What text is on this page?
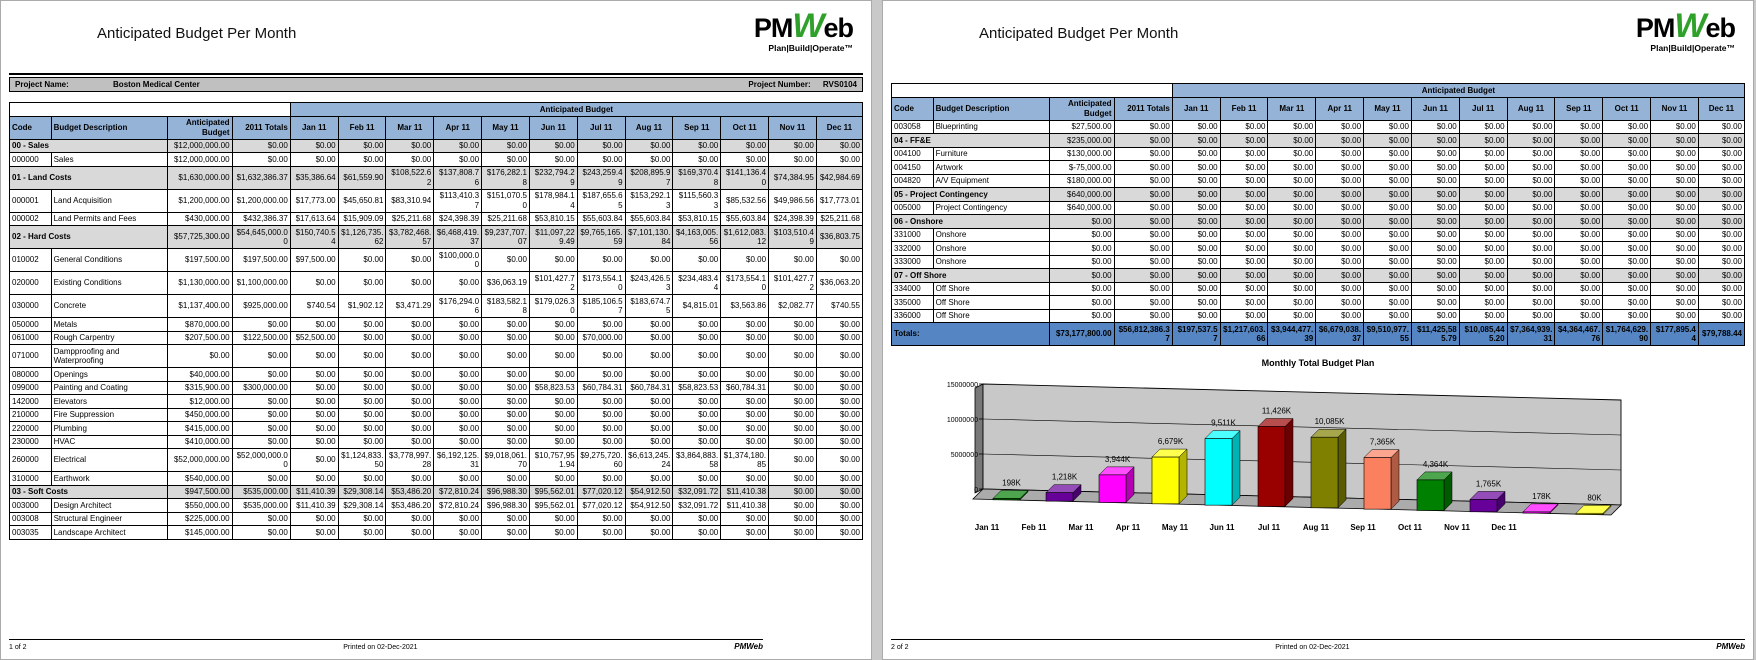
Anticipated Budget Per Month	PMWeb
Plan|Build|Operate™
Project Name:	Boston Medical Center	Project Number: RVS0104
				Anticipated Budget											
Code	Budget Description	Anticipated Budget	2011 Totals	Jan 11	Feb 11	Mar 11	Apr 11	May 11	Jun 11	Jul 11	Aug 11	Sep 11	Oct 11	Nov 11	Dec 11
00 - Sales		$12,000,000.00	$0.00	$0.00	$0.00	$0.00	$0.00	$0.00	$0.00	$0.00	$0.00	$0.00	$0.00	$0.00	$0.00
000000	Sales	$12,000,000.00	$0.00	$0.00	$0.00	$0.00	$0.00	$0.00	$0.00	$0.00	$0.00	$0.00	$0.00	$0.00	$0.00
01 - Land Costs		$1,630,000.00	$1,632,386.37	$35,386.64	$61,559.90	$108,522.62	$137,808.76	$176,282.18	$232,794.29	$243,259.49	$208,895.97	$169,370.48	$141,136.40	$74,384.95	$42,984.69
000001	Land Acquisition	$1,200,000.00	$1,200,000.00	$17,773.00	$45,650.81	$83,310.94	$113,410.37	$151,070.50	$178,984.14	$187,655.65	$153,292.13	$115,560.33	$85,532.56	$49,986.56	$17,773.01
000002	Land Permits and Fees	$430,000.00	$432,386.37	$17,613.64	$15,909.09	$25,211.68	$24,398.39	$25,211.68	$53,810.15	$55,603.84	$55,603.84	$53,810.15	$55,603.84	$24,398.39	$25,211.68
02 - Hard Costs		$57,725,300.00	$54,645,000.00	$150,740.54	$1,126,735.62	$3,782,468.57	$6,468,419.37	$9,237,707.07	$11,097,229.49	$9,765,165.59	$7,101,130.84	$4,163,005.56	$1,612,083.12	$103,510.49	$36,803.75
010002	General Conditions	$197,500.00	$197,500.00	$97,500.00	$0.00	$0.00	$100,000.00	$0.00	$0.00	$0.00	$0.00	$0.00	$0.00	$0.00	$0.00
020000	Existing Conditions	$1,130,000.00	$1,100,000.00	$0.00	$0.00	$0.00	$0.00	$36,063.19	$101,427.72	$173,554.10	$243,426.53	$234,483.44	$173,554.10	$101,427.72	$36,063.20
030000	Concrete	$1,137,400.00	$925,000.00	$740.54	$1,902.12	$3,471.29	$176,294.06	$183,582.18	$179,026.30	$185,106.57	$183,674.75	$4,815.01	$3,563.86	$2,082.77	$740.55
050000	Metals	$870,000.00	$0.00	$0.00	$0.00	$0.00	$0.00	$0.00	$0.00	$0.00	$0.00	$0.00	$0.00	$0.00	$0.00
061000	Rough Carpentry	$207,500.00	$122,500.00	$52,500.00	$0.00	$0.00	$0.00	$0.00	$0.00	$70,000.00	$0.00	$0.00	$0.00	$0.00	$0.00
071000	Dampproofing and Waterproofing	$0.00	$0.00	$0.00	$0.00	$0.00	$0.00	$0.00	$0.00	$0.00	$0.00	$0.00	$0.00	$0.00	$0.00
080000	Openings	$40,000.00	$0.00	$0.00	$0.00	$0.00	$0.00	$0.00	$0.00	$0.00	$0.00	$0.00	$0.00	$0.00	$0.00
099000	Painting and Coating	$315,900.00	$300,000.00	$0.00	$0.00	$0.00	$0.00	$0.00	$58,823.53	$60,784.31	$60,784.31	$58,823.53	$60,784.31	$0.00	$0.00
142000	Elevators	$12,000.00	$0.00	$0.00	$0.00	$0.00	$0.00	$0.00	$0.00	$0.00	$0.00	$0.00	$0.00	$0.00	$0.00
210000	Fire Suppression	$450,000.00	$0.00	$0.00	$0.00	$0.00	$0.00	$0.00	$0.00	$0.00	$0.00	$0.00	$0.00	$0.00	$0.00
220000	Plumbing	$415,000.00	$0.00	$0.00	$0.00	$0.00	$0.00	$0.00	$0.00	$0.00	$0.00	$0.00	$0.00	$0.00	$0.00
230000	HVAC	$410,000.00	$0.00	$0.00	$0.00	$0.00	$0.00	$0.00	$0.00	$0.00	$0.00	$0.00	$0.00	$0.00	$0.00
260000	Electrical	$52,000,000.00	$52,000,000.00	$0.00	$1,124,833.50	$3,778,997.28	$6,192,125.31	$9,018,061.70	$10,757,951.94	$9,275,720.60	$6,613,245.24	$3,864,883.58	$1,374,180.85	$0.00	$0.00
310000	Earthwork	$540,000.00	$0.00	$0.00	$0.00	$0.00	$0.00	$0.00	$0.00	$0.00	$0.00	$0.00	$0.00	$0.00	$0.00
03 - Soft Costs		$947,500.00	$535,000.00	$11,410.39	$29,308.14	$53,486.20	$72,810.24	$96,988.30	$95,562.01	$77,020.12	$54,912.50	$32,091.72	$11,410.38	$0.00	$0.00
003000	Design Architect	$550,000.00	$535,000.00	$11,410.39	$29,308.14	$53,486.20	$72,810.24	$96,988.30	$95,562.01	$77,020.12	$54,912.50	$32,091.72	$11,410.38	$0.00	$0.00
003008	Structural Engineer	$225,000.00	$0.00	$0.00	$0.00	$0.00	$0.00	$0.00	$0.00	$0.00	$0.00	$0.00	$0.00	$0.00	$0.00
003035	Landscape Architect	$145,000.00	$0.00	$0.00	$0.00	$0.00	$0.00	$0.00	$0.00	$0.00	$0.00	$0.00	$0.00	$0.00	$0.00
1 of 2	Printed on 02-Dec-2021	PMWeb
Anticipated Budget Per Month	PMWeb
Plan|Build|Operate™
				Anticipated Budget											
Code	Budget Description	Anticipated Budget	2011 Totals	Jan 11	Feb 11	Mar 11	Apr 11	May 11	Jun 11	Jul 11	Aug 11	Sep 11	Oct 11	Nov 11	Dec 11
003058	Blueprinting	$27,500.00	$0.00	$0.00	$0.00	$0.00	$0.00	$0.00	$0.00	$0.00	$0.00	$0.00	$0.00	$0.00	$0.00
04 - FF&E		$235,000.00	$0.00	$0.00	$0.00	$0.00	$0.00	$0.00	$0.00	$0.00	$0.00	$0.00	$0.00	$0.00	$0.00
004100	Furniture	$130,000.00	$0.00	$0.00	$0.00	$0.00	$0.00	$0.00	$0.00	$0.00	$0.00	$0.00	$0.00	$0.00	$0.00
004150	Artwork	$-75,000.00	$0.00	$0.00	$0.00	$0.00	$0.00	$0.00	$0.00	$0.00	$0.00	$0.00	$0.00	$0.00	$0.00
004820	A/V Equipment	$180,000.00	$0.00	$0.00	$0.00	$0.00	$0.00	$0.00	$0.00	$0.00	$0.00	$0.00	$0.00	$0.00	$0.00
05 - Project Contingency		$640,000.00	$0.00	$0.00	$0.00	$0.00	$0.00	$0.00	$0.00	$0.00	$0.00	$0.00	$0.00	$0.00	$0.00
005000	Project Contingency	$640,000.00	$0.00	$0.00	$0.00	$0.00	$0.00	$0.00	$0.00	$0.00	$0.00	$0.00	$0.00	$0.00	$0.00
06 - Onshore		$0.00	$0.00	$0.00	$0.00	$0.00	$0.00	$0.00	$0.00	$0.00	$0.00	$0.00	$0.00	$0.00	$0.00
331000	Onshore	$0.00	$0.00	$0.00	$0.00	$0.00	$0.00	$0.00	$0.00	$0.00	$0.00	$0.00	$0.00	$0.00	$0.00
332000	Onshore	$0.00	$0.00	$0.00	$0.00	$0.00	$0.00	$0.00	$0.00	$0.00	$0.00	$0.00	$0.00	$0.00	$0.00
333000	Onshore	$0.00	$0.00	$0.00	$0.00	$0.00	$0.00	$0.00	$0.00	$0.00	$0.00	$0.00	$0.00	$0.00	$0.00
07 - Off Shore		$0.00	$0.00	$0.00	$0.00	$0.00	$0.00	$0.00	$0.00	$0.00	$0.00	$0.00	$0.00	$0.00	$0.00
334000	Off Shore	$0.00	$0.00	$0.00	$0.00	$0.00	$0.00	$0.00	$0.00	$0.00	$0.00	$0.00	$0.00	$0.00	$0.00
335000	Off Shore	$0.00	$0.00	$0.00	$0.00	$0.00	$0.00	$0.00	$0.00	$0.00	$0.00	$0.00	$0.00	$0.00	$0.00
336000	Off Shore	$0.00	$0.00	$0.00	$0.00	$0.00	$0.00	$0.00	$0.00	$0.00	$0.00	$0.00	$0.00	$0.00	$0.00
Totals:		$73,177,800.00	$56,812,386.37	$197,537.57	$1,217,603.66	$3,944,477.39	$6,679,038.37	$9,510,977.55	$11,425,585.79	$10,085,445.20	$7,364,939.31	$4,364,467.76	$1,764,629.90	$177,895.44	$79,788.44
Monthly Total Budget Plan
15000000
10000000
5000000
0
198K
Jan 11
1,218K
Feb 11
3,944K
Mar 11
6,679K
Apr 11
9,511K
May 11
11,426K
Jun 11
10,085K
Jul 11
7,365K
Aug 11
4,364K
Sep 11
1,765K
Oct 11
178K
Nov 11
80K
Dec 11
2 of 2	Printed on 02-Dec-2021	PMWeb
